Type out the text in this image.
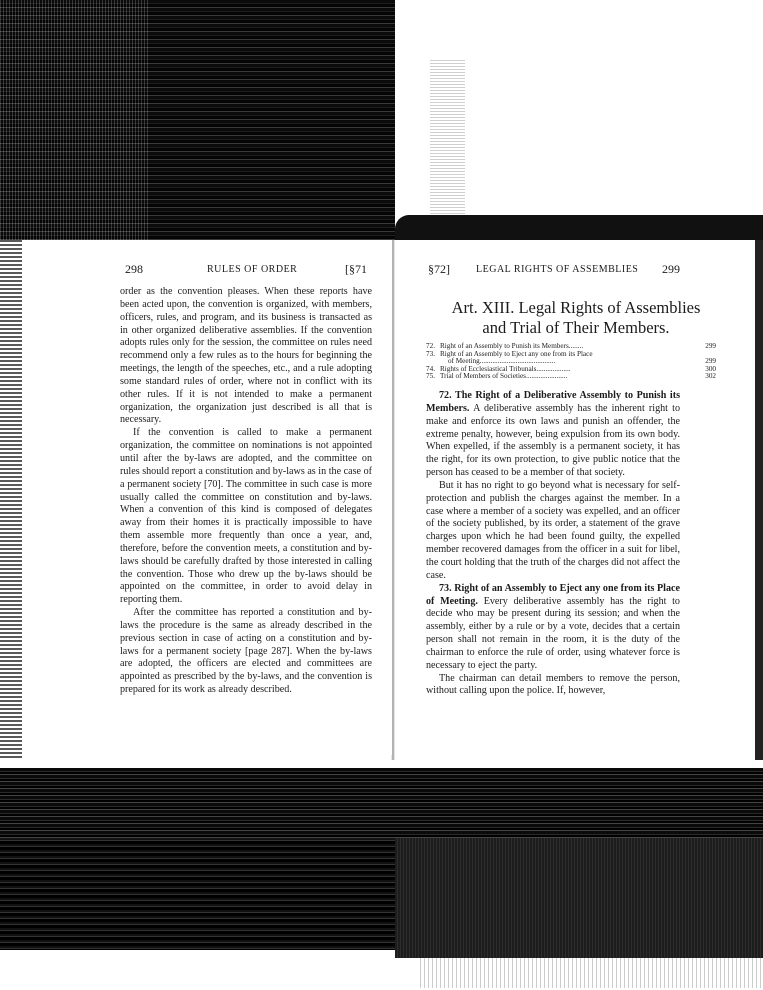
298	RULES OF ORDER	[§71

order as the convention pleases. When these reports have been acted upon, the convention is organized, with members, officers, rules, and program, and its business is transacted as in other organized deliberative assemblies. If the convention adopts rules only for the session, the committee on rules need recommend only a few rules as to the hours for beginning the meetings, the length of the speeches, etc., and a rule adopting some standard rules of order, where not in conflict with its other rules. If it is not intended to make a permanent organization, the organization just described is all that is necessary.

If the convention is called to make a permanent organization, the committee on nominations is not appointed until after the by-laws are adopted, and the committee on rules should report a constitution and by-laws as in the case of a permanent society [70]. The committee in such case is more usually called the committee on constitution and by-laws. When a convention of this kind is composed of delegates away from their homes it is practically impossible to have them assemble more frequently than once a year, and, therefore, before the convention meets, a constitution and by-laws should be carefully drafted by those interested in calling the convention. Those who drew up the by-laws should be appointed on the committee, in order to avoid delay in reporting them.

After the committee has reported a constitution and by-laws the procedure is the same as already described in the previous section in case of acting on a constitution and by-laws for a permanent society [page 287]. When the by-laws are adopted, the officers are elected and committees are appointed as prescribed by the by-laws, and the convention is prepared for its work as already described.

§72]	LEGAL RIGHTS OF ASSEMBLIES 299
Art. XIII. Legal Rights of Assemblies
and Trial of Their Members.
72. Right of an Assembly to Punish its Members........	299
73. Right of an Assembly to Eject any one from its Place
of Meeting..........................................	299
74. Rights of Ecclesiastical Tribunals...................	300
75. Trial of Members of Societies.......................	302

72. The Right of a Deliberative Assembly to Punish its Members. A deliberative assembly has the inherent right to make and enforce its own laws and punish an offender, the extreme penalty, however, being expulsion from its own body. When expelled, if the assembly is a permanent society, it has the right, for its own protection, to give public notice that the person has ceased to be a member of that society.

But it has no right to go beyond what is necessary for self-protection and publish the charges against the member. In a case where a member of a society was expelled, and an officer of the society published, by its order, a statement of the grave charges upon which he had been found guilty, the expelled member recovered damages from the officer in a suit for libel, the court holding that the truth of the charges did not affect the case.

73. Right of an Assembly to Eject any one from its Place of Meeting. Every deliberative assembly has the right to decide who may be present during its session; and when the assembly, either by a rule or by a vote, decides that a certain person shall not remain in the room, it is the duty of the chairman to enforce the rule of order, using whatever force is necessary to eject the party.

The chairman can detail members to remove the person, without calling upon the police. If, however,
